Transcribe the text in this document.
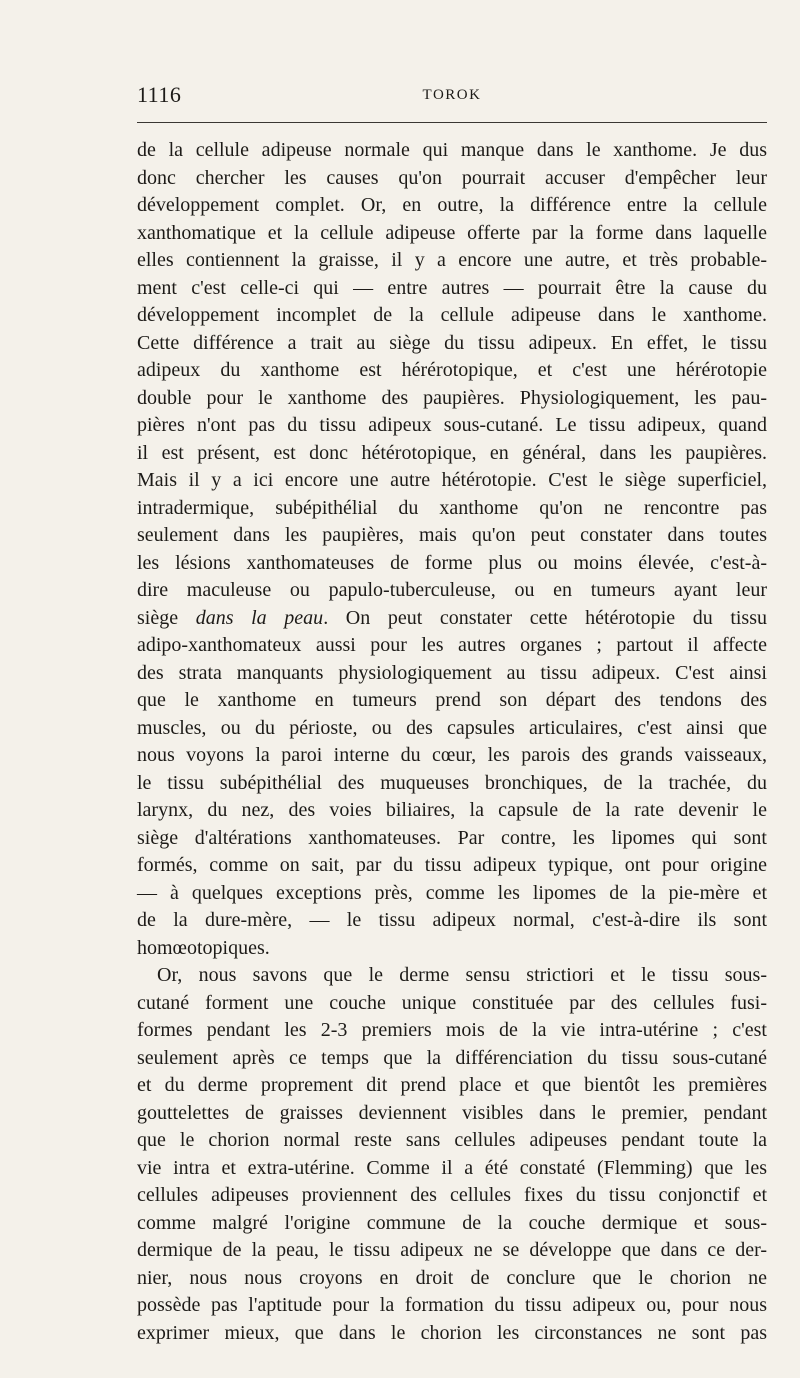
1116	TOROK
de la cellule adipeuse normale qui manque dans le xanthome. Je dus
donc chercher les causes qu'on pourrait accuser d'empêcher leur
développement complet. Or, en outre, la différence entre la cellule
xanthomatique et la cellule adipeuse offerte par la forme dans laquelle
elles contiennent la graisse, il y a encore une autre, et très probable-
ment c'est celle-ci qui — entre autres — pourrait être la cause du
développement incomplet de la cellule adipeuse dans le xanthome.
Cette différence a trait au siège du tissu adipeux. En effet, le tissu
adipeux du xanthome est hérérotopique, et c'est une hérérotopie
double pour le xanthome des paupières. Physiologiquement, les pau-
pières n'ont pas du tissu adipeux sous-cutané. Le tissu adipeux, quand
il est présent, est donc hétérotopique, en général, dans les paupières.
Mais il y a ici encore une autre hétérotopie. C'est le siège superficiel,
intradermique, subépithélial du xanthome qu'on ne rencontre pas
seulement dans les paupières, mais qu'on peut constater dans toutes
les lésions xanthomateuses de forme plus ou moins élevée, c'est-à-
dire maculeuse ou papulo-tuberculeuse, ou en tumeurs ayant leur
siège dans la peau. On peut constater cette hétérotopie du tissu
adipo-xanthomateux aussi pour les autres organes ; partout il affecte
des strata manquants physiologiquement au tissu adipeux. C'est ainsi
que le xanthome en tumeurs prend son départ des tendons des
muscles, ou du périoste, ou des capsules articulaires, c'est ainsi que
nous voyons la paroi interne du cœur, les parois des grands vaisseaux,
le tissu subépithélial des muqueuses bronchiques, de la trachée, du
larynx, du nez, des voies biliaires, la capsule de la rate devenir le
siège d'altérations xanthomateuses. Par contre, les lipomes qui sont
formés, comme on sait, par du tissu adipeux typique, ont pour origine
— à quelques exceptions près, comme les lipomes de la pie-mère et
de la dure-mère, — le tissu adipeux normal, c'est-à-dire ils sont
homœotopiques.
Or, nous savons que le derme sensu strictiori et le tissu sous-
cutané forment une couche unique constituée par des cellules fusi-
formes pendant les 2-3 premiers mois de la vie intra-utérine ; c'est
seulement après ce temps que la différenciation du tissu sous-cutané
et du derme proprement dit prend place et que bientôt les premières
gouttelettes de graisses deviennent visibles dans le premier, pendant
que le chorion normal reste sans cellules adipeuses pendant toute la
vie intra et extra-utérine. Comme il a été constaté (Flemming) que les
cellules adipeuses proviennent des cellules fixes du tissu conjonctif et
comme malgré l'origine commune de la couche dermique et sous-
dermique de la peau, le tissu adipeux ne se développe que dans ce der-
nier, nous nous croyons en droit de conclure que le chorion ne
possède pas l'aptitude pour la formation du tissu adipeux ou, pour nous
exprimer mieux, que dans le chorion les circonstances ne sont pas
